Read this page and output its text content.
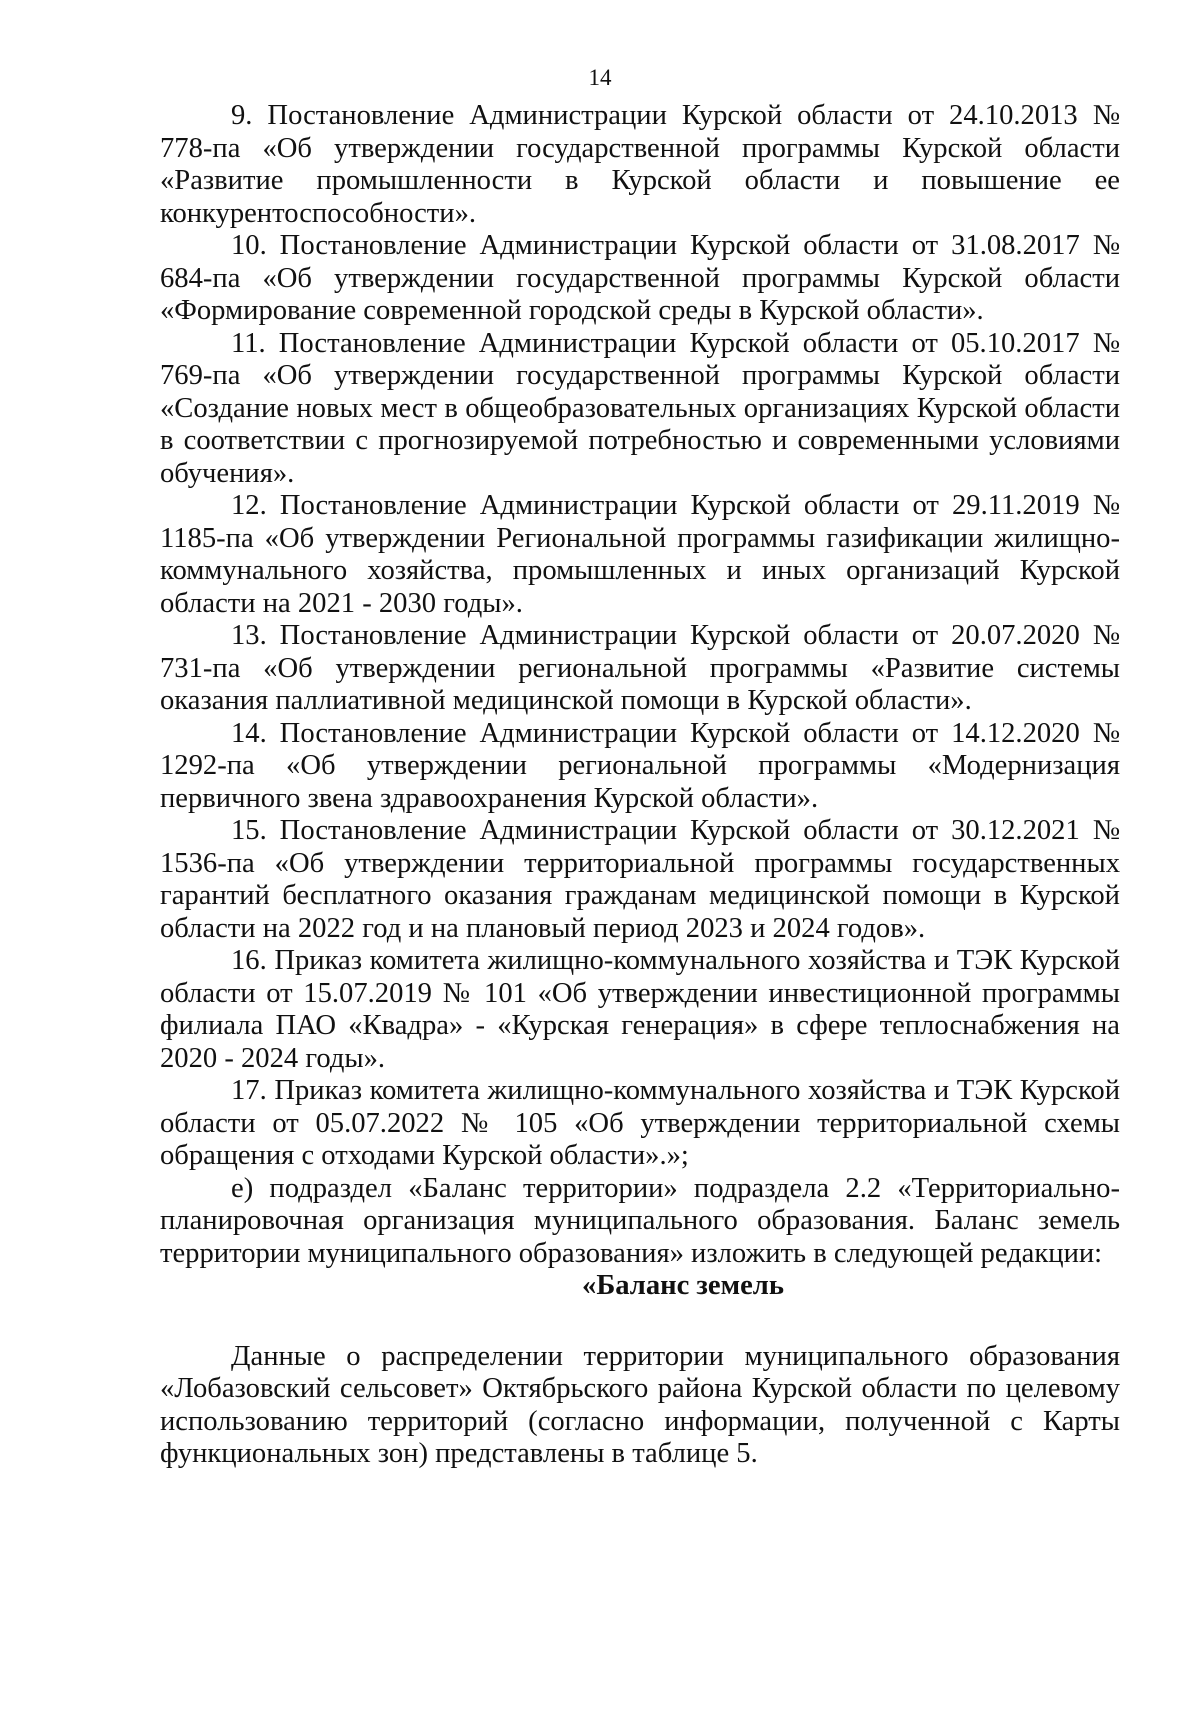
14

9. Постановление Администрации Курской области от 24.10.2013 № 778-па «Об утверждении государственной программы Курской области «Развитие промышленности в Курской области и повышение ее конкурентоспособности».

10. Постановление Администрации Курской области от 31.08.2017 № 684-па «Об утверждении государственной программы Курской области «Формирование современной городской среды в Курской области».

11. Постановление Администрации Курской области от 05.10.2017 № 769-па «Об утверждении государственной программы Курской области «Создание новых мест в общеобразовательных организациях Курской области в соответствии с прогнозируемой потребностью и современными условиями обучения».

12. Постановление Администрации Курской области от 29.11.2019 № 1185-па «Об утверждении Региональной программы газификации жилищно-коммунального хозяйства, промышленных и иных организаций Курской области на 2021 - 2030 годы».

13. Постановление Администрации Курской области от 20.07.2020 № 731-па «Об утверждении региональной программы «Развитие системы оказания паллиативной медицинской помощи в Курской области».

14. Постановление Администрации Курской области от 14.12.2020 № 1292-па «Об утверждении региональной программы «Модернизация первичного звена здравоохранения Курской области».

15. Постановление Администрации Курской области от 30.12.2021 № 1536-па «Об утверждении территориальной программы государственных гарантий бесплатного оказания гражданам медицинской помощи в Курской области на 2022 год и на плановый период 2023 и 2024 годов».

16. Приказ комитета жилищно-коммунального хозяйства и ТЭК Курской области от 15.07.2019 № 101 «Об утверждении инвестиционной программы филиала ПАО «Квадра» - «Курская генерация» в сфере теплоснабжения на 2020 - 2024 годы».

17. Приказ комитета жилищно-коммунального хозяйства и ТЭК Курской области от 05.07.2022 № 105 «Об утверждении территориальной схемы обращения с отходами Курской области».»;

е) подраздел «Баланс территории» подраздела 2.2 «Территориально-планировочная организация муниципального образования. Баланс земель территории муниципального образования» изложить в следующей редакции:

«Баланс земель

Данные о распределении территории муниципального образования «Лобазовский сельсовет» Октябрьского района Курской области по целевому использованию территорий (согласно информации, полученной с Карты функциональных зон) представлены в таблице 5.
